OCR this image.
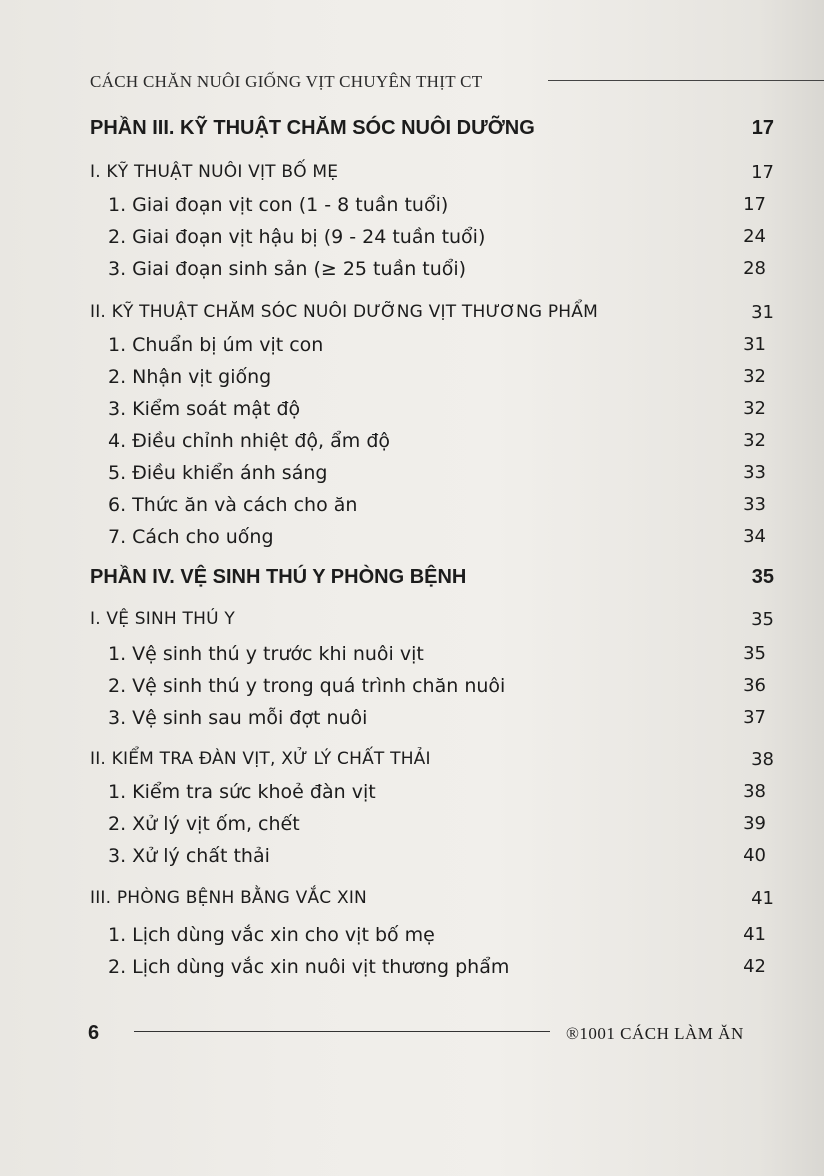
CÁCH CHĂN NUÔI GIỐNG VỊT CHUYÊN THỊT CT
PHẦN III. KỸ THUẬT CHĂM SÓC NUÔI DƯỠNG	17
I. KỸ THUẬT NUÔI VỊT BỐ MẸ	17
1. Giai đoạn vịt con (1 - 8 tuần tuổi)	17
2. Giai đoạn vịt hậu bị (9 - 24 tuần tuổi)	24
3. Giai đoạn sinh sản (≥ 25 tuần tuổi)	28
II. KỸ THUẬT CHĂM SÓC NUÔI DƯỠNG VỊT THƯƠNG PHẨM	31
1. Chuẩn bị úm vịt con	31
2. Nhận vịt giống	32
3. Kiểm soát mật độ	32
4. Điều chỉnh nhiệt độ, ẩm độ	32
5. Điều khiển ánh sáng	33
6. Thức ăn và cách cho ăn	33
7. Cách cho uống	34
PHẦN IV. VỆ SINH THÚ Y PHÒNG BỆNH	35
I. VỆ SINH THÚ Y	35
1. Vệ sinh thú y trước khi nuôi vịt	35
2. Vệ sinh thú y trong quá trình chăn nuôi	36
3. Vệ sinh sau mỗi đợt nuôi	37
II. KIỂM TRA ĐÀN VỊT, XỬ LÝ CHẤT THẢI	38
1. Kiểm tra sức khoẻ đàn vịt	38
2. Xử lý vịt ốm, chết	39
3. Xử lý chất thải	40
III. PHÒNG BỆNH BẰNG VẮC XIN	41
1. Lịch dùng vắc xin cho vịt bố mẹ	41
2. Lịch dùng vắc xin nuôi vịt thương phẩm	42
6	®1001 CÁCH LÀM ĂN
